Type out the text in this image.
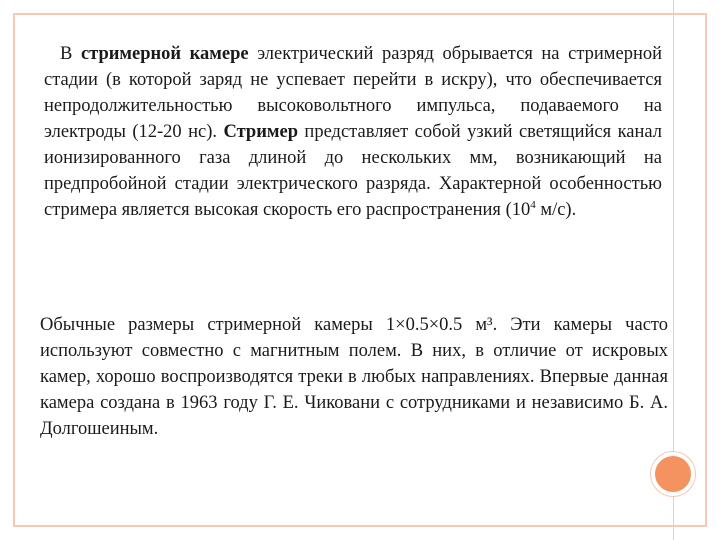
В стримерной камере электрический разряд обрывается на стримерной стадии (в которой заряд не успевает перейти в искру), что обеспечивается непродолжительностью высоковольтного импульса, подаваемого на электроды (12-20 нс). Стример представляет собой узкий светящийся канал ионизированного газа длиной до нескольких мм, возникающий на предпробойной стадии электрического разряда. Характерной особенностью стримера является высокая скорость его распространения ($10^4$ м/с).

Обычные размеры стримерной камеры 1×0.5×0.5 м³. Эти камеры часто используют совместно с магнитным полем. В них, в отличие от искровых камер, хорошо воспроизводятся треки в любых направлениях. Впервые данная камера создана в 1963 году Г. Е. Чиковани с сотрудниками и независимо Б. А. Долгошеиным.
